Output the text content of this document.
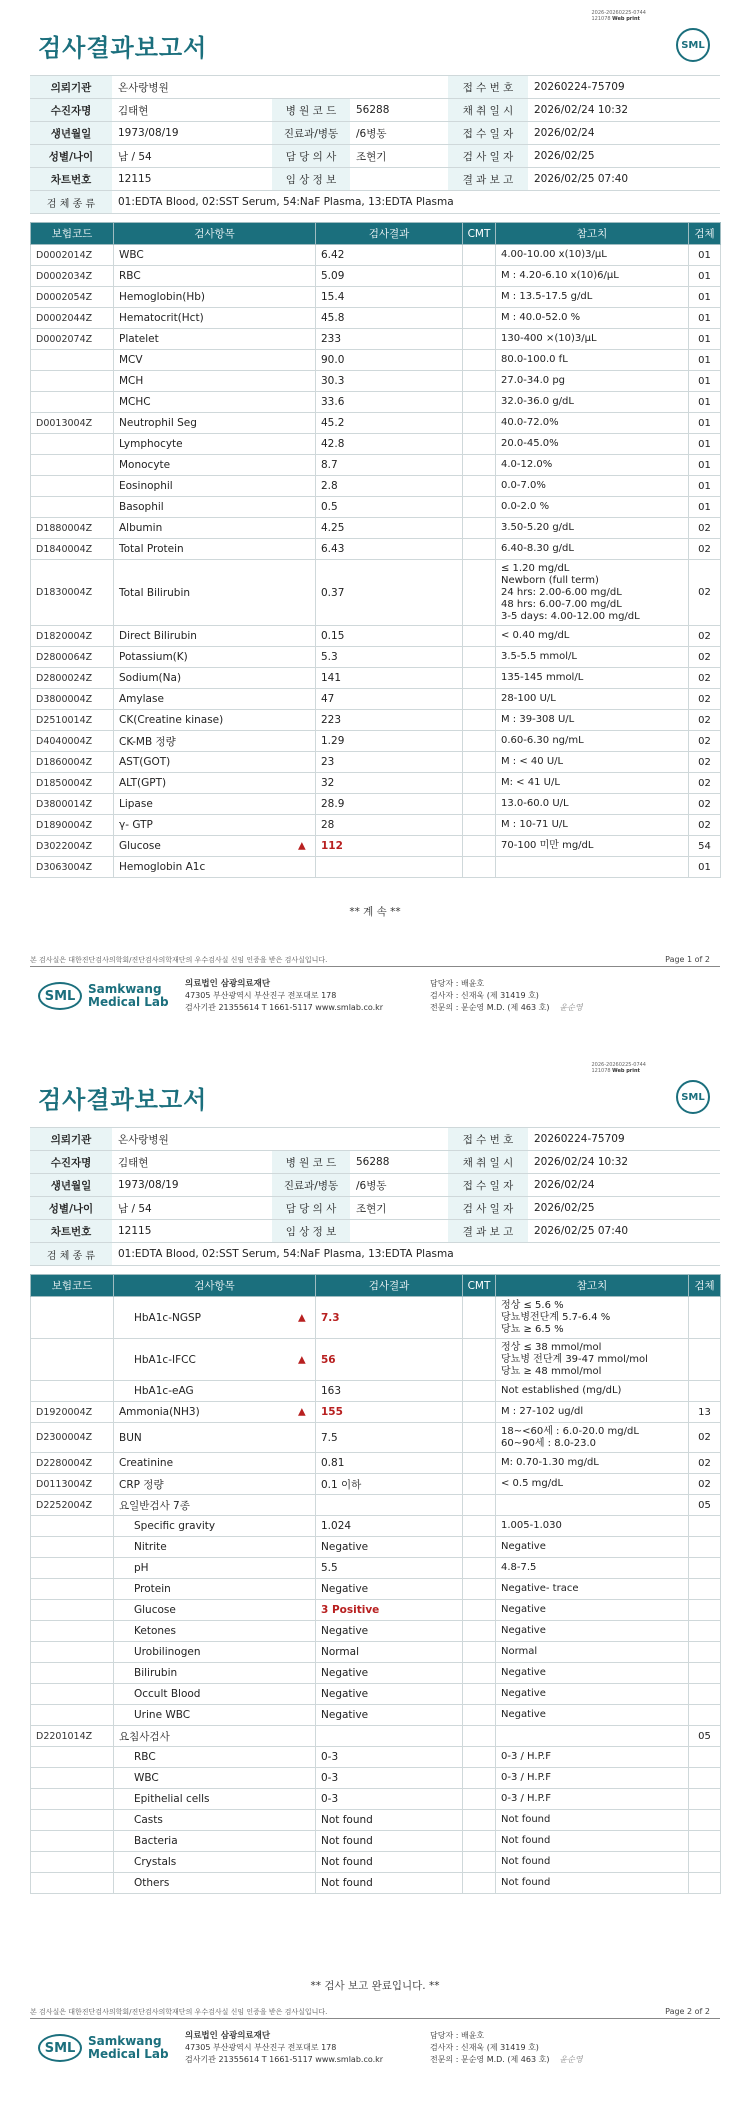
2026-20260225-0744
121078 Web print
검사결과보고서	SML
의뢰기관	온사랑병원			접 수 번 호	20260224-75709
수진자명	김태현	병 원 코 드	56288	채 취 일 시	2026/02/24 10:32
생년월일	1973/08/19	진료과/병동	/6병동	접 수 일 자	2026/02/24
성별/나이	남 / 54	담 당 의 사	조현기	검 사 일 자	2026/02/25
차트번호	12115	임 상 정 보		결 과 보 고	2026/02/25 07:40
검 체 종 류	01:EDTA Blood, 02:SST Serum, 54:NaF Plasma, 13:EDTA Plasma				
보험코드	검사항목	검사결과	CMT	참고치	검체
D0002014Z	WBC	6.42		4.00-10.00 x(10)3/µL	01
D0002034Z	RBC	5.09		M : 4.20-6.10 x(10)6/µL	01
D0002054Z	Hemoglobin(Hb)	15.4		M : 13.5-17.5 g/dL	01
D0002044Z	Hematocrit(Hct)	45.8		M : 40.0-52.0 %	01
D0002074Z	Platelet	233		130-400 ×(10)3/µL	01
	MCV	90.0		80.0-100.0 fL	01
	MCH	30.3		27.0-34.0 pg	01
	MCHC	33.6		32.0-36.0 g/dL	01
D0013004Z	Neutrophil Seg	45.2		40.0-72.0%	01
	Lymphocyte	42.8		20.0-45.0%	01
	Monocyte	8.7		4.0-12.0%	01
	Eosinophil	2.8		0.0-7.0%	01
	Basophil	0.5		0.0-2.0 %	01
D1880004Z	Albumin	4.25		3.50-5.20 g/dL	02
D1840004Z	Total Protein	6.43		6.40-8.30 g/dL	02
D1830004Z	Total Bilirubin	0.37		≤ 1.20 mg/dL
Newborn (full term)
24 hrs: 2.00-6.00 mg/dL
48 hrs: 6.00-7.00 mg/dL
3-5 days: 4.00-12.00 mg/dL	02
D1820004Z	Direct Bilirubin	0.15		< 0.40 mg/dL	02
D2800064Z	Potassium(K)	5.3		3.5-5.5 mmol/L	02
D2800024Z	Sodium(Na)	141		135-145 mmol/L	02
D3800004Z	Amylase	47		28-100 U/L	02
D2510014Z	CK(Creatine kinase)	223		M : 39-308 U/L	02
D4040004Z	CK-MB 정량	1.29		0.60-6.30 ng/mL	02
D1860004Z	AST(GOT)	23		M : < 40 U/L	02
D1850004Z	ALT(GPT)	32		M: < 41 U/L	02
D3800014Z	Lipase	28.9		13.0-60.0 U/L	02
D1890004Z	γ- GTP	28		M : 10-71 U/L	02
D3022004Z	Glucose	▲ 112		70-100 미만 mg/dL	54
D3063004Z	Hemoglobin A1c				01
** 계 속 **
본 검사실은 대한진단검사의학회/진단검사의학재단의 우수검사실 신임 인증을 받은 검사실입니다.	Page 1 of 2
SML	Samkwang
Medical Lab
의료법인 삼광의료재단
47305 부산광역시 부산진구 전포대로 178
검사기관 21355614 T 1661-5117 www.smlab.co.kr
담당자 : 배윤호
검사자 : 신재욱 (제 31419 호)
전문의 : 문순영 M.D. (제 463 호) 윤순영
2026-20260225-0744
121078 Web print
검사결과보고서	SML
의뢰기관	온사랑병원			접 수 번 호	20260224-75709
수진자명	김태현	병 원 코 드	56288	채 취 일 시	2026/02/24 10:32
생년월일	1973/08/19	진료과/병동	/6병동	접 수 일 자	2026/02/24
성별/나이	남 / 54	담 당 의 사	조현기	검 사 일 자	2026/02/25
차트번호	12115	임 상 정 보		결 과 보 고	2026/02/25 07:40
검 체 종 류	01:EDTA Blood, 02:SST Serum, 54:NaF Plasma, 13:EDTA Plasma				
보험코드	검사항목	검사결과	CMT	참고치	검체
	HbA1c-NGSP	▲ 7.3		정상 ≤ 5.6 %
당뇨병전단계 5.7-6.4 %
당뇨 ≥ 6.5 %	
	HbA1c-IFCC	▲ 56		정상 ≤ 38 mmol/mol
당뇨병 전단계 39-47 mmol/mol
당뇨 ≥ 48 mmol/mol	
	HbA1c-eAG	163		Not established (mg/dL)	
D1920004Z	Ammonia(NH3)	▲ 155		M : 27-102 ug/dl	13
D2300004Z	BUN	7.5		18~<60세 : 6.0-20.0 mg/dL
60~90세 : 8.0-23.0	02
D2280004Z	Creatinine	0.81		M: 0.70-1.30 mg/dL	02
D0113004Z	CRP 정량	0.1 이하		< 0.5 mg/dL	02
D2252004Z	요일반검사 7종				05
	Specific gravity	1.024		1.005-1.030	
	Nitrite	Negative		Negative	
	pH	5.5		4.8-7.5	
	Protein	Negative		Negative- trace	
	Glucose	3 Positive		Negative	
	Ketones	Negative		Negative	
	Urobilinogen	Normal		Normal	
	Bilirubin	Negative		Negative	
	Occult Blood	Negative		Negative	
	Urine WBC	Negative		Negative	
D2201014Z	요침사검사				05
	RBC	0-3		0-3 / H.P.F	
	WBC	0-3		0-3 / H.P.F	
	Epithelial cells	0-3		0-3 / H.P.F	
	Casts	Not found		Not found	
	Bacteria	Not found		Not found	
	Crystals	Not found		Not found	
	Others	Not found		Not found	
** 검사 보고 완료입니다. **
본 검사실은 대한진단검사의학회/진단검사의학재단의 우수검사실 신임 인증을 받은 검사실입니다.	Page 2 of 2
SML	Samkwang
Medical Lab
의료법인 삼광의료재단
47305 부산광역시 부산진구 전포대로 178
검사기관 21355614 T 1661-5117 www.smlab.co.kr
담당자 : 배윤호
검사자 : 신재욱 (제 31419 호)
전문의 : 문순영 M.D. (제 463 호) 윤순영
